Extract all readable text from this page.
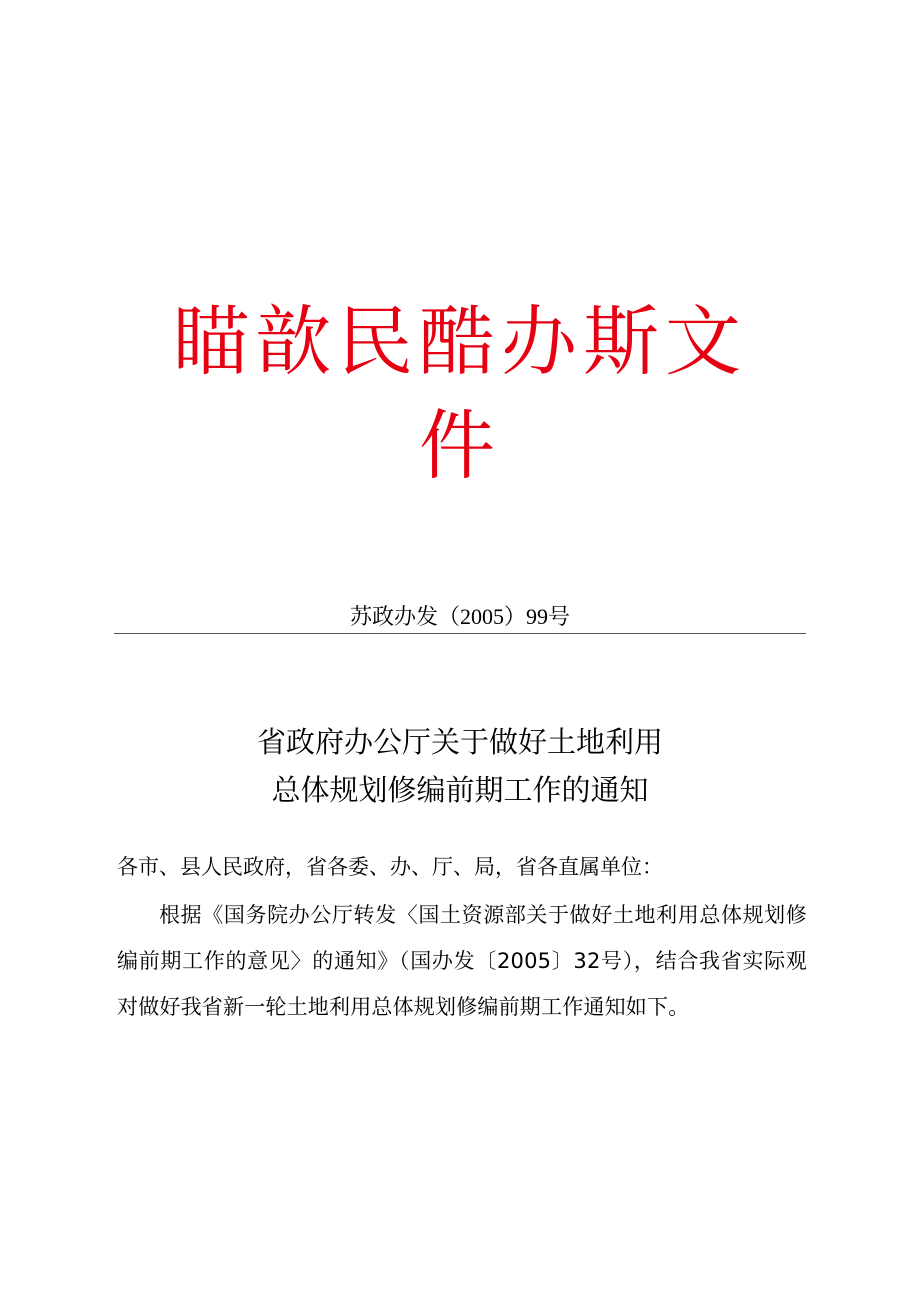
瞄歆民酷办斯文
件
苏政办发（2005）99号
省政府办公厅关于做好土地利用
总体规划修编前期工作的通知
各市、县人民政府，省各委、办、厅、局，省各直属单位：
根据《国务院办公厅转发〈国土资源部关于做好土地利用总体规划修编前期工作的意见〉的通知》（国办发〔2005〕32号），结合我省实际观对做好我省新一轮土地利用总体规划修编前期工作通知如下。
